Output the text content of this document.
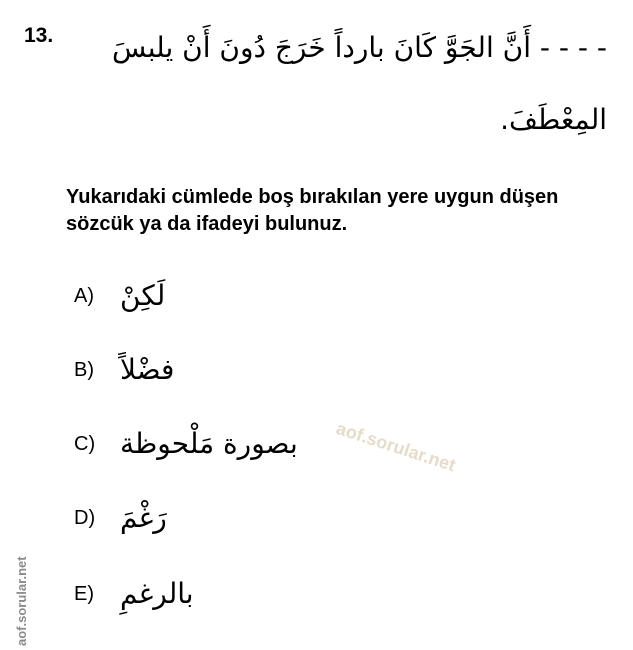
13. - - - - أَنَّ الجَوَّ كَانَ بارداً خَرَجَ دُونَ أَنْ يلبسَ
المِعْطَفَ.
Yukarıdaki cümlede boş bırakılan yere uygun düşen sözcük ya da ifadeyi bulunuz.
A) لَكِنْ
B) فضْلاً
C) بصورة مَلْحوظة
D) رَغْمَ
E) بالرغمِ
aof.sorular.net
aof.sorular.net
